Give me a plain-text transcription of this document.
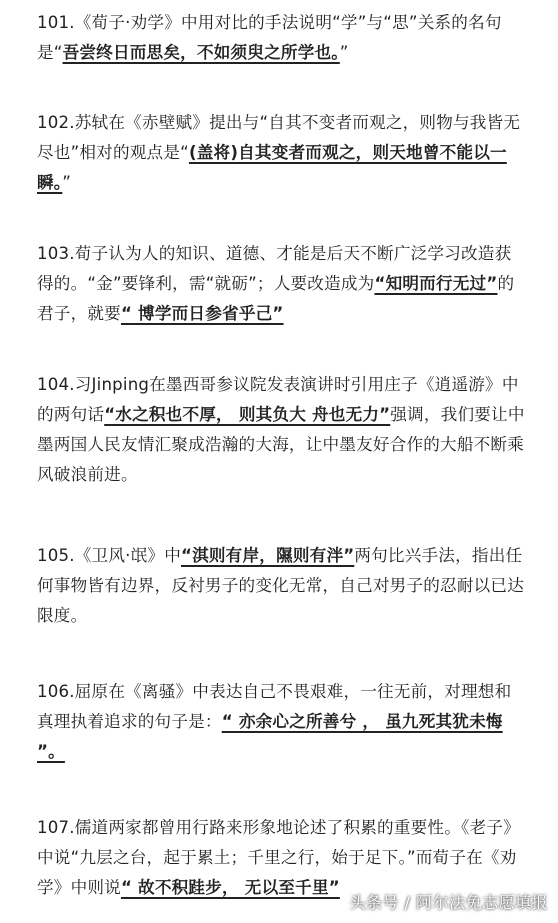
101.《荀子·劝学》中用对比的手法说明“学”与“思”关系的名句是“吾尝终日而思矣，不如须臾之所学也。”

102.苏轼在《赤壁赋》提出与“自其不变者而观之，则物与我皆无尽也”相对的观点是“(盖将)自其变者而观之，则天地曾不能以一瞬。”

103.荀子认为人的知识、道德、才能是后天不断广泛学习改造获得的。“金”要锋利，需“就砺”；人要改造成为“知明而行无过”的君子，就要“ 博学而日参省乎己”

104.习Jinping在墨西哥参议院发表演讲时引用庄子《逍遥游》中的两句话“水之积也不厚， 则其负大 舟也无力”强调，我们要让中墨两国人民友情汇聚成浩瀚的大海，让中墨友好合作的大船不断乘风破浪前进。

105.《卫风·氓》中“淇则有岸，隰则有泮”两句比兴手法，指出任何事物皆有边界，反衬男子的变化无常，自己对男子的忍耐以已达限度。

106.屈原在《离骚》中表达自己不畏艰难，一往无前，对理想和真理执着追求的句子是：“ 亦余心之所善兮 ， 虽九死其犹未悔 ”。

107.儒道两家都曾用行路来形象地论述了积累的重要性。《老子》中说“九层之台，起于累土；千里之行，始于足下。”而荀子在《劝学》中则说“ 故不积跬步， 无以至千里”

头条号 / 阿尔法免志愿填报
